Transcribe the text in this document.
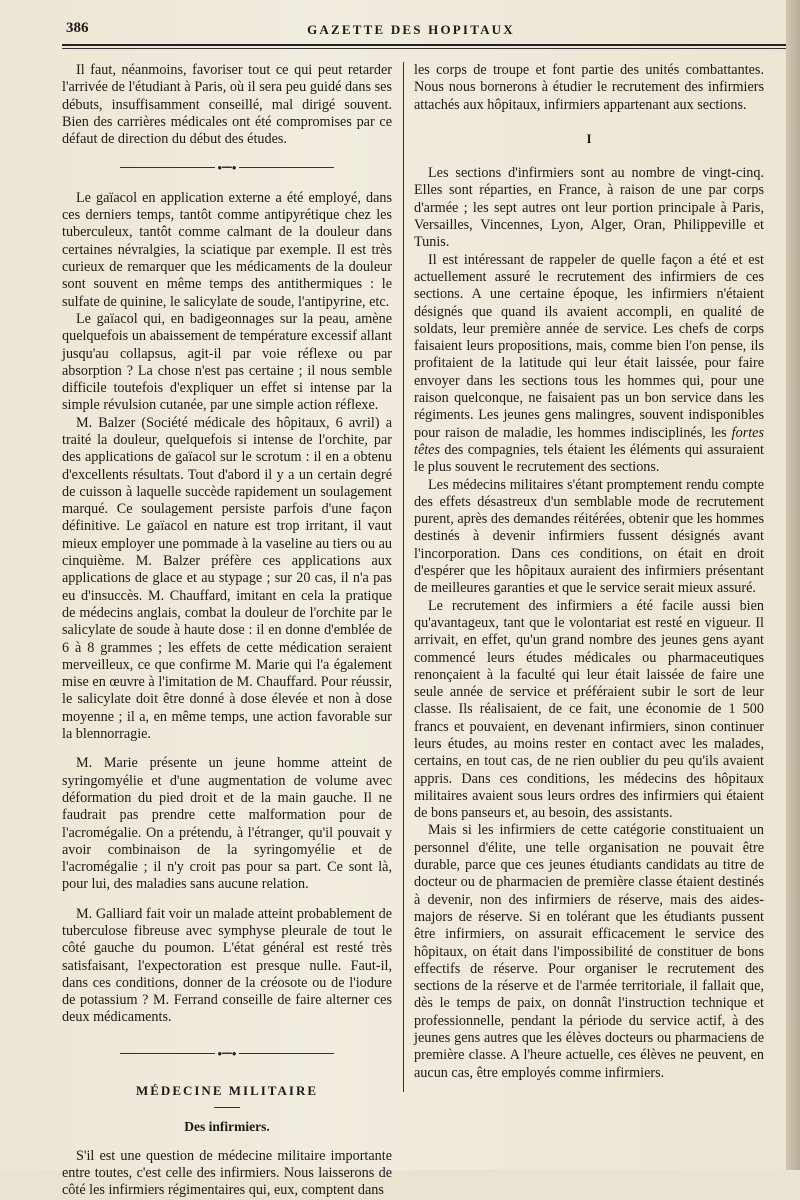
386	GAZETTE DES HOPITAUX

Il faut, néanmoins, favoriser tout ce qui peut retarder l'arrivée de l'étudiant à Paris, où il sera peu guidé dans ses débuts, insuffisamment conseillé, mal dirigé souvent. Bien des carrières médicales ont été compromises par ce défaut de direction du début des études.

●━━●

Le gaïacol en application externe a été employé, dans ces derniers temps, tantôt comme antipyrétique chez les tuberculeux, tantôt comme calmant de la douleur dans certaines névralgies, la sciatique par exemple. Il est très curieux de remarquer que les médicaments de la douleur sont souvent en même temps des antithermiques : le sulfate de quinine, le salicylate de soude, l'antipyrine, etc.

Le gaïacol qui, en badigeonnages sur la peau, amène quelquefois un abaissement de température excessif allant jusqu'au collapsus, agit-il par voie réflexe ou par absorption ? La chose n'est pas certaine ; il nous semble difficile toutefois d'expliquer un effet si intense par la simple révulsion cutanée, par une simple action réflexe.

M. Balzer (Société médicale des hôpitaux, 6 avril) a traité la douleur, quelquefois si intense de l'orchite, par des applications de gaïacol sur le scrotum : il en a obtenu d'excellents résultats. Tout d'abord il y a un certain degré de cuisson à laquelle succède rapidement un soulagement marqué. Ce soulagement persiste parfois d'une façon définitive. Le gaïacol en nature est trop irritant, il vaut mieux employer une pommade à la vaseline au tiers ou au cinquième. M. Balzer préfère ces applications aux applications de glace et au stypage ; sur 20 cas, il n'a pas eu d'insuccès. M. Chauffard, imitant en cela la pratique de médecins anglais, combat la douleur de l'orchite par le salicylate de soude à haute dose : il en donne d'emblée de 6 à 8 grammes ; les effets de cette médication seraient merveilleux, ce que confirme M. Marie qui l'a également mise en œuvre à l'imitation de M. Chauffard. Pour réussir, le salicylate doit être donné à dose élevée et non à dose moyenne ; il a, en même temps, une action favorable sur la blennorragie.

M. Marie présente un jeune homme atteint de syringomyélie et d'une augmentation de volume avec déformation du pied droit et de la main gauche. Il ne faudrait pas prendre cette malformation pour de l'acromégalie. On a prétendu, à l'étranger, qu'il pouvait y avoir combinaison de la syringomyélie et de l'acromégalie ; il n'y croit pas pour sa part. Ce sont là, pour lui, des maladies sans aucune relation.

M. Galliard fait voir un malade atteint probablement de tuberculose fibreuse avec symphyse pleurale de tout le côté gauche du poumon. L'état général est resté très satisfaisant, l'expectoration est presque nulle. Faut-il, dans ces conditions, donner de la créosote ou de l'iodure de potassium ? M. Ferrand conseille de faire alterner ces deux médicaments.

●━━●
MÉDECINE MILITAIRE
Des infirmiers.

S'il est une question de médecine militaire importante entre toutes, c'est celle des infirmiers. Nous laisserons de côté les infirmiers régimentaires qui, eux, comptent dans

les corps de troupe et font partie des unités combattantes. Nous nous bornerons à étudier le recrutement des infirmiers attachés aux hôpitaux, infirmiers appartenant aux sections.

I

Les sections d'infirmiers sont au nombre de vingt-cinq. Elles sont réparties, en France, à raison de une par corps d'armée ; les sept autres ont leur portion principale à Paris, Versailles, Vincennes, Lyon, Alger, Oran, Philippeville et Tunis.

Il est intéressant de rappeler de quelle façon a été et est actuellement assuré le recrutement des infirmiers de ces sections. A une certaine époque, les infirmiers n'étaient désignés que quand ils avaient accompli, en qualité de soldats, leur première année de service. Les chefs de corps faisaient leurs propositions, mais, comme bien l'on pense, ils profitaient de la latitude qui leur était laissée, pour faire envoyer dans les sections tous les hommes qui, pour une raison quelconque, ne faisaient pas un bon service dans les régiments. Les jeunes gens malingres, souvent indisponibles pour raison de maladie, les hommes indisciplinés, les fortes têtes des compagnies, tels étaient les éléments qui assuraient le plus souvent le recrutement des sections.

Les médecins militaires s'étant promptement rendu compte des effets désastreux d'un semblable mode de recrutement purent, après des demandes réitérées, obtenir que les hommes destinés à devenir infirmiers fussent désignés avant l'incorporation. Dans ces conditions, on était en droit d'espérer que les hôpitaux auraient des infirmiers présentant de meilleures garanties et que le service serait mieux assuré.

Le recrutement des infirmiers a été facile aussi bien qu'avantageux, tant que le volontariat est resté en vigueur. Il arrivait, en effet, qu'un grand nombre des jeunes gens ayant commencé leurs études médicales ou pharmaceutiques renonçaient à la faculté qui leur était laissée de faire une seule année de service et préféraient subir le sort de leur classe. Ils réalisaient, de ce fait, une économie de 1 500 francs et pouvaient, en devenant infirmiers, sinon continuer leurs études, au moins rester en contact avec les malades, certains, en tout cas, de ne rien oublier du peu qu'ils avaient appris. Dans ces conditions, les médecins des hôpitaux militaires avaient sous leurs ordres des infirmiers qui étaient de bons panseurs et, au besoin, des assistants.

Mais si les infirmiers de cette catégorie constituaient un personnel d'élite, une telle organisation ne pouvait être durable, parce que ces jeunes étudiants candidats au titre de docteur ou de pharmacien de première classe étaient destinés à devenir, non des infirmiers de réserve, mais des aides-majors de réserve. Si en tolérant que les étudiants pussent être infirmiers, on assurait efficacement le service des hôpitaux, on était dans l'impossibilité de constituer de bons effectifs de réserve. Pour organiser le recrutement des sections de la réserve et de l'armée territoriale, il fallait que, dès le temps de paix, on donnât l'instruction technique et professionnelle, pendant la période du service actif, à des jeunes gens autres que les élèves docteurs ou pharmaciens de première classe. A l'heure actuelle, ces élèves ne peuvent, en aucun cas, être employés comme infirmiers.
